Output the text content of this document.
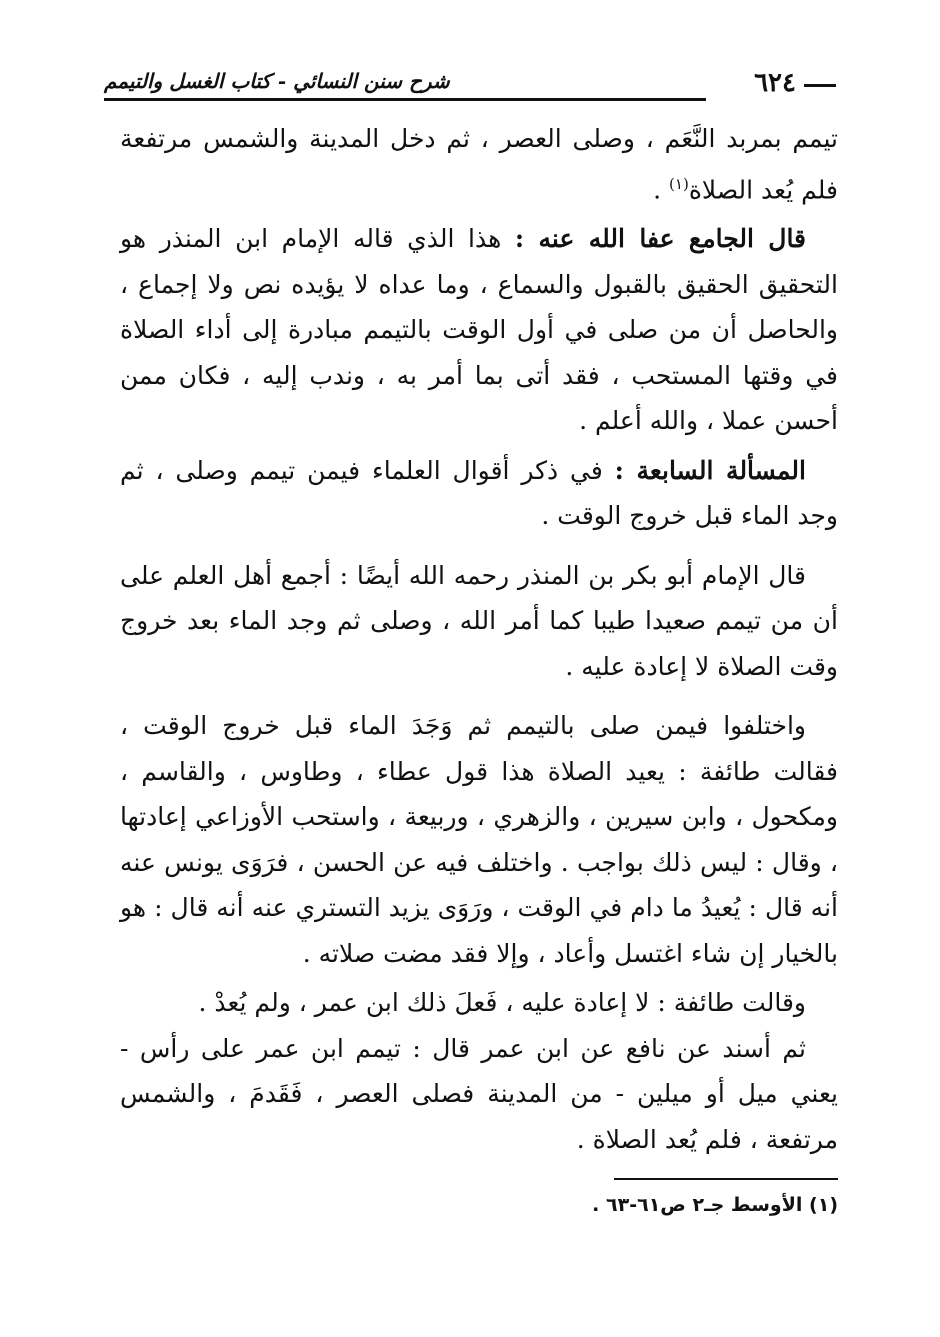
٦٢٤
شرح سنن النسائي - كتاب الغسل والتيمم

تيمم بمربد النَّعَم ، وصلى العصر ، ثم دخل المدينة والشمس مرتفعة فلم يُعد الصلاة$^{(١)}$ .

قال الجامع عفا الله عنه : هذا الذي قاله الإمام ابن المنذر هو التحقيق الحقيق بالقبول والسماع ، وما عداه لا يؤيده نص ولا إجماع ، والحاصل أن من صلى في أول الوقت بالتيمم مبادرة إلى أداء الصلاة في وقتها المستحب ، فقد أتى بما أمر به ، وندب إليه ، فكان ممن أحسن عملا ، والله أعلم .

المسألة السابعة : في ذكر أقوال العلماء فيمن تيمم وصلى ، ثم وجد الماء قبل خروج الوقت .

قال الإمام أبو بكر بن المنذر رحمه الله أيضًا : أجمع أهل العلم على أن من تيمم صعيدا طيبا كما أمر الله ، وصلى ثم وجد الماء بعد خروج وقت الصلاة لا إعادة عليه .

واختلفوا فيمن صلى بالتيمم ثم وَجَدَ الماء قبل خروج الوقت ، فقالت طائفة : يعيد الصلاة هذا قول عطاء ، وطاوس ، والقاسم ، ومكحول ، وابن سيرين ، والزهري ، وربيعة ، واستحب الأوزاعي إعادتها ، وقال : ليس ذلك بواجب . واختلف فيه عن الحسن ، فرَوَى يونس عنه أنه قال : يُعيدُ ما دام في الوقت ، ورَوَى يزيد التستري عنه أنه قال : هو بالخيار إن شاء اغتسل وأعاد ، وإلا فقد مضت صلاته .

وقالت طائفة : لا إعادة عليه ، فَعلَ ذلك ابن عمر ، ولم يُعدْ .

ثم أسند عن نافع عن ابن عمر قال : تيمم ابن عمر على رأس - يعني ميل أو ميلين - من المدينة فصلى العصر ، فَقَدمَ ، والشمس مرتفعة ، فلم يُعد الصلاة .

(١) الأوسط جـ٢ ص٦١-٦٣ .
